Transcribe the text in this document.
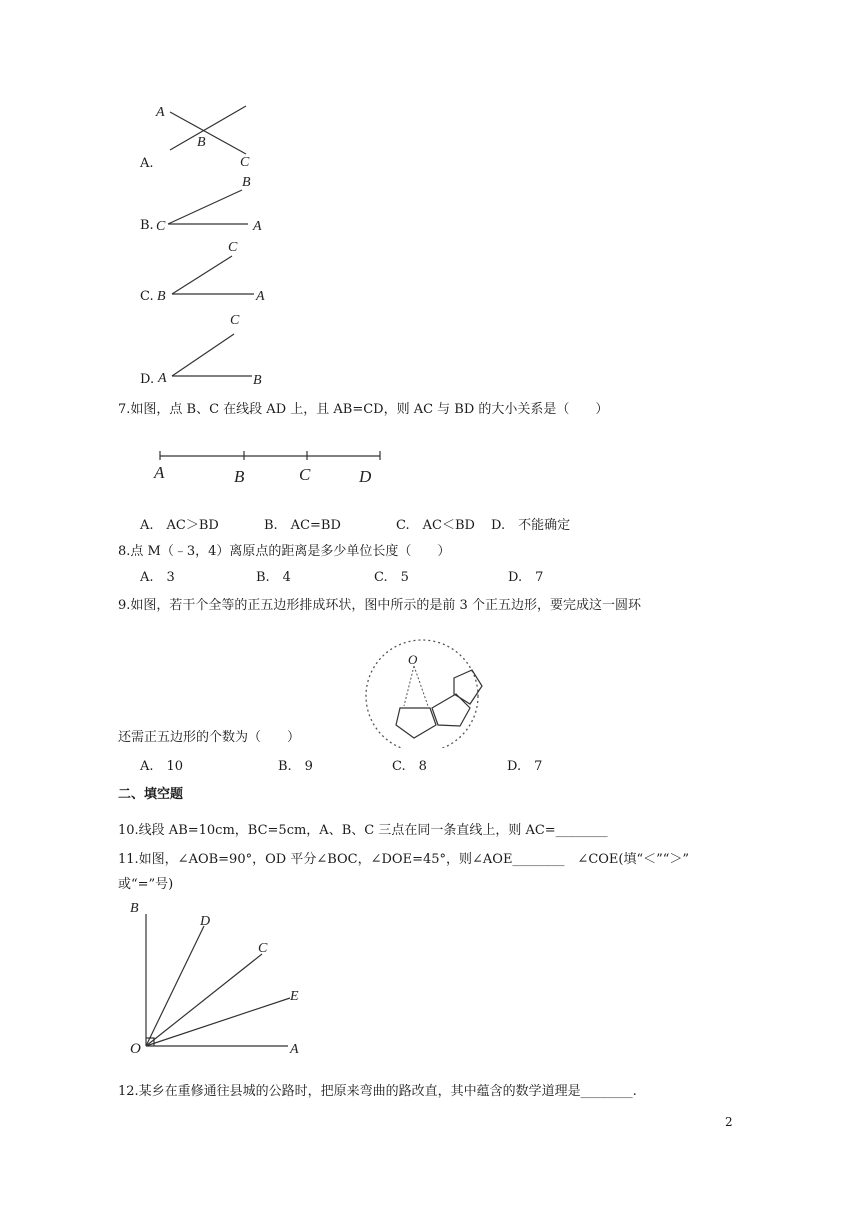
A.
A
B
C
B. C
B
A
C. B
C
A
D. A
C
B
7.如图，点 B、C 在线段 AD 上，且 AB=CD，则 AC 与 BD 的大小关系是（　　）
A	B	C	D
A.　AC＞BD	B.　AC=BD	C.　AC＜BD D.　不能确定
8.点 M（﹣3，4）离原点的距离是多少单位长度（　　）
A.　3	B.　4	C.　5	D.　7
9.如图，若干个全等的正五边形排成环状，图中所示的是前 3 个正五边形，要完成这一圆环
O
还需正五边形的个数为（　　）
A.　10	B.　9	C.　8	D.　7
二、填空题
10.线段 AB=10cm，BC=5cm，A、B、C 三点在同一条直线上，则 AC=________
11.如图，∠AOB=90°，OD 平分∠BOC，∠DOE=45°，则∠AOE________　∠COE(填“＜”“＞”
或“=”号)
B
D
C
E
O	A
12.某乡在重修通往县城的公路时，把原来弯曲的路改直，其中蕴含的数学道理是________.
2
